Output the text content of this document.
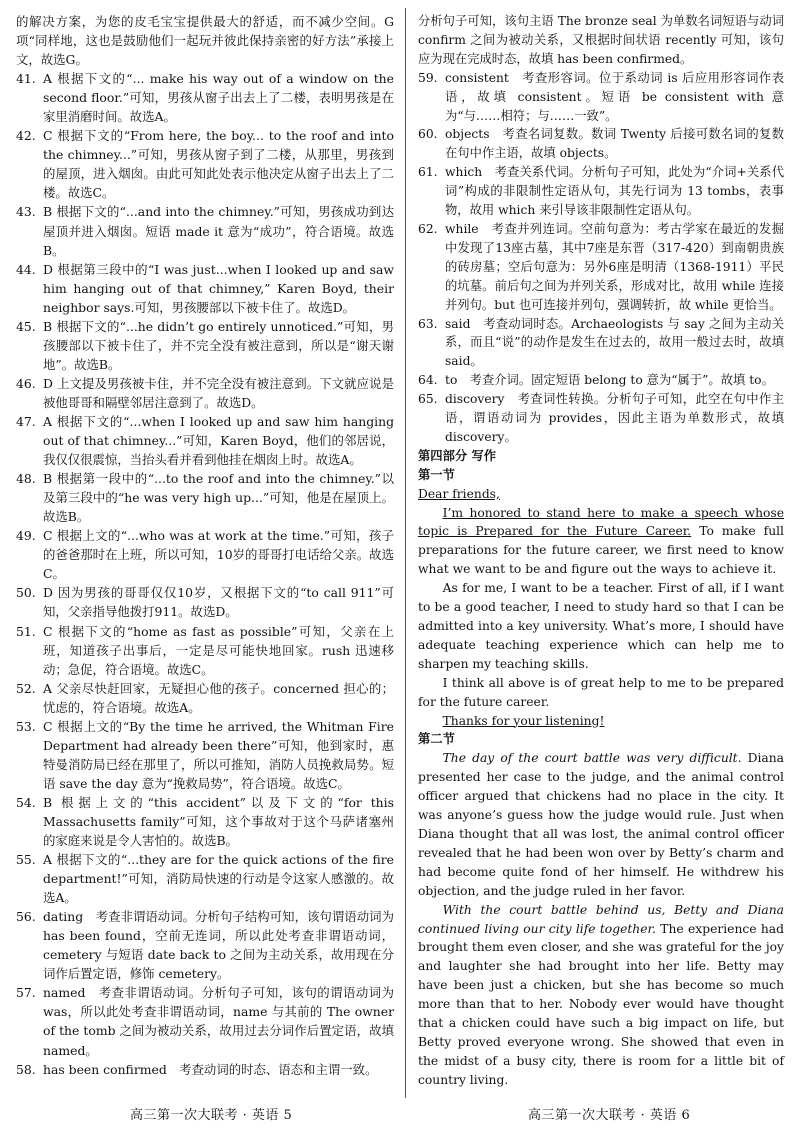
的解决方案，为您的皮毛宝宝提供最大的舒适，而不减少空间。G项“同样地，这也是鼓励他们一起玩并彼此保持亲密的好方法”承接上文，故选G。

41. A 根据下文的“... make his way out of a window on the second floor.”可知，男孩从窗子出去上了二楼，表明男孩是在家里消磨时间。故选A。
42. C 根据下文的“From here, the boy... to the roof and into the chimney...”可知，男孩从窗子到了二楼，从那里，男孩到的屋顶，进入烟囱。由此可知此处表示他决定从窗子出去上了二楼。故选C。
43. B 根据下文的“...and into the chimney.”可知，男孩成功到达屋顶并进入烟囱。短语 made it 意为“成功”，符合语境。故选B。
44. D 根据第三段中的“I was just...when I looked up and saw him hanging out of that chimney,” Karen Boyd, their neighbor says.可知，男孩腰部以下被卡住了。故选D。
45. B 根据下文的“...he didn’t go entirely unnoticed.”可知，男孩腰部以下被卡住了，并不完全没有被注意到，所以是“谢天谢地”。故选B。
46. D 上文提及男孩被卡住，并不完全没有被注意到。下文就应说是被他哥哥和隔壁邻居注意到了。故选D。
47. A 根据下文的“...when I looked up and saw him hanging out of that chimney...”可知，Karen Boyd，他们的邻居说，我仅仅很震惊，当抬头看并看到他挂在烟囱上时。故选A。
48. B 根据第一段中的“...to the roof and into the chimney.”以及第三段中的“he was very high up...”可知，他是在屋顶上。故选B。
49. C 根据上文的“...who was at work at the time.”可知，孩子的爸爸那时在上班，所以可知，10岁的哥哥打电话给父亲。故选C。
50. D 因为男孩的哥哥仅仅10岁，又根据下文的“to call 911”可知，父亲指导他拨打911。故选D。
51. C 根据下文的“home as fast as possible”可知，父亲在上班，知道孩子出事后，一定是尽可能快地回家。rush 迅速移动；急促，符合语境。故选C。
52. A 父亲尽快赶回家，无疑担心他的孩子。concerned 担心的；忧虑的，符合语境。故选A。
53. C 根据上文的“By the time he arrived, the Whitman Fire Department had already been there”可知，他到家时，惠特曼消防局已经在那里了，所以可推知，消防人员挽救局势。短语 save the day 意为“挽救局势”，符合语境。故选C。
54. B 根据上文的“this accident”以及下文的“for this Massachusetts family”可知，这个事故对于这个马萨诸塞州的家庭来说是令人害怕的。故选B。
55. A 根据下文的“...they are for the quick actions of the fire department!”可知，消防局快速的行动是令这家人感激的。故选A。
56. dating　考查非谓语动词。分析句子结构可知，该句谓语动词为 has been found，空前无连词，所以此处考查非谓语动词，cemetery 与短语 date back to 之间为主动关系，故用现在分词作后置定语，修饰 cemetery。
57. named　考查非谓语动词。分析句子可知，该句的谓语动词为 was，所以此处考查非谓语动词，name 与其前的 The owner of the tomb 之间为被动关系，故用过去分词作后置定语，故填 named。
58. has been confirmed　考查动词的时态、语态和主谓一致。

分析句子可知，该句主语 The bronze seal 为单数名词短语与动词 confirm 之间为被动关系，又根据时间状语 recently 可知，该句应为现在完成时态，故填 has been confirmed。

59. consistent　考查形容词。位于系动词 is 后应用形容词作表语，故填 consistent。短语 be consistent with 意为“与……相符；与……一致”。
60. objects　考查名词复数。数词 Twenty 后接可数名词的复数在句中作主语，故填 objects。
61. which　考查关系代词。分析句子可知，此处为“介词+关系代词”构成的非限制性定语从句，其先行词为 13 tombs，表事物，故用 which 来引导该非限制性定语从句。
62. while　考查并列连词。空前句意为：考古学家在最近的发掘中发现了13座古墓，其中7座是东晋（317-420）到南朝贵族的砖房墓；空后句意为：另外6座是明清（1368-1911）平民的坑墓。前后句之间为并列关系，形成对比，故用 while 连接并列句。but 也可连接并列句，强调转折，故 while 更恰当。
63. said　考查动词时态。Archaeologists 与 say 之间为主动关系，而且“说”的动作是发生在过去的，故用一般过去时，故填 said。
64. to　考查介词。固定短语 belong to 意为“属于”。故填 to。
65. discovery　考查词性转换。分析句子可知，此空在句中作主语，谓语动词为 provides，因此主语为单数形式，故填 discovery。

第四部分 写作

第一节

Dear friends,

I’m honored to stand here to make a speech whose topic is Prepared for the Future Career. To make full preparations for the future career, we first need to know what we want to be and figure out the ways to achieve it.

As for me, I want to be a teacher. First of all, if I want to be a good teacher, I need to study hard so that I can be admitted into a key university. What’s more, I should have adequate teaching experience which can help me to sharpen my teaching skills.

I think all above is of great help to me to be prepared for the future career.

Thanks for your listening!

第二节

The day of the court battle was very difficult. Diana presented her case to the judge, and the animal control officer argued that chickens had no place in the city. It was anyone’s guess how the judge would rule. Just when Diana thought that all was lost, the animal control officer revealed that he had been won over by Betty’s charm and had become quite fond of her himself. He withdrew his objection, and the judge ruled in her favor.

With the court battle behind us, Betty and Diana continued living our city life together. The experience had brought them even closer, and she was grateful for the joy and laughter she had brought into her life. Betty may have been just a chicken, but she has become so much more than that to her. Nobody ever would have thought that a chicken could have such a big impact on life, but Betty proved everyone wrong. She showed that even in the midst of a busy city, there is room for a little bit of country living.

高三第一次大联考 · 英语 5	高三第一次大联考 · 英语 6
